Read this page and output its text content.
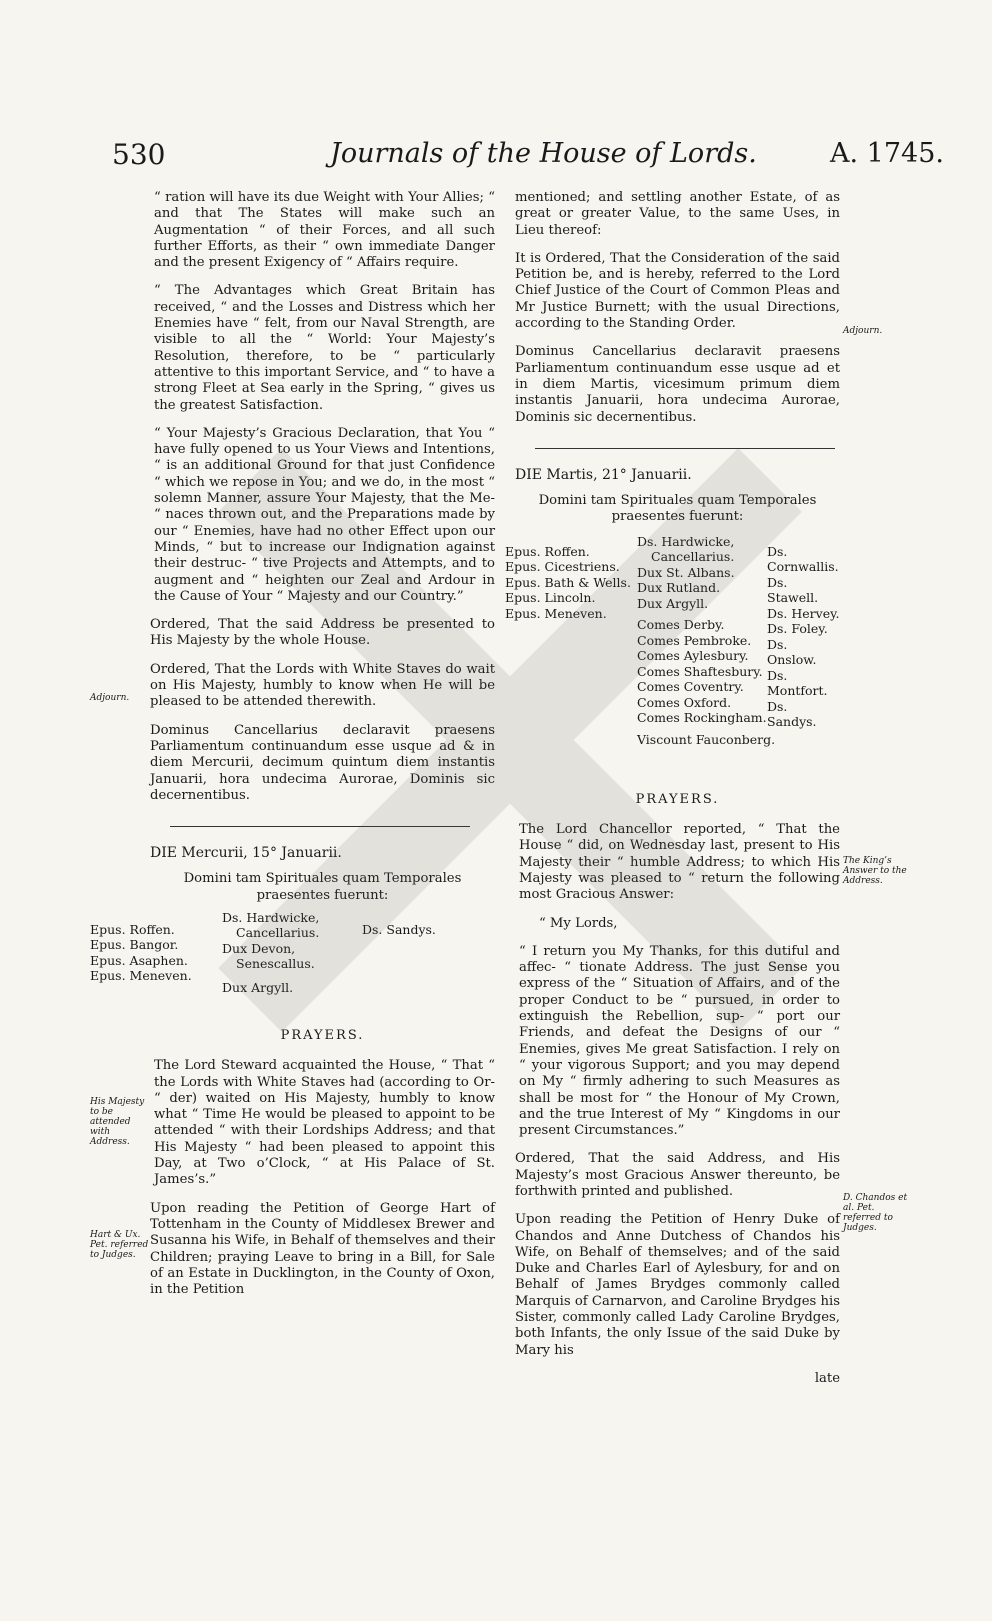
530	Journals of the House of Lords.	A. 1745.

“ ration will have its due Weight with Your Allies; “ and that The States will make such an Augmentation “ of their Forces, and all such further Efforts, as their “ own immediate Danger and the present Exigency of “ Affairs require.

“ The Advantages which Great Britain has received, “ and the Losses and Distress which her Enemies have “ felt, from our Naval Strength, are visible to all the “ World: Your Majesty’s Resolution, therefore, to be “ particularly attentive to this important Service, and “ to have a strong Fleet at Sea early in the Spring, “ gives us the greatest Satisfaction.

“ Your Majesty’s Gracious Declaration, that You “ have fully opened to us Your Views and Intentions, “ is an additional Ground for that just Confidence “ which we repose in You; and we do, in the most “ solemn Manner, assure Your Majesty, that the Me- “ naces thrown out, and the Preparations made by our “ Enemies, have had no other Effect upon our Minds, “ but to increase our Indignation against their destruc- “ tive Projects and Attempts, and to augment and “ heighten our Zeal and Ardour in the Cause of Your “ Majesty and our Country.”

Ordered, That the said Address be presented to His Majesty by the whole House.

Ordered, That the Lords with White Staves do wait on His Majesty, humbly to know when He will be pleased to be attended therewith.

Dominus Cancellarius declaravit praesens Parliamentum continuandum esse usque ad & in diem Mercurii, decimum quintum diem instantis Januarii, hora undecima Aurorae, Dominis sic decernentibus.

DIE Mercurii, 15° Januarii.
Domini tam Spirituales quam Temporales praesentes fuerunt:
Epus. Roffen.
Epus. Bangor.
Epus. Asaphen.
Epus. Meneven.
Ds. Hardwicke,
Cancellarius.
Dux Devon,
Senescallus.
Dux Argyll.
Ds. Sandys.
PRAYERS.

The Lord Steward acquainted the House, “ That “ the Lords with White Staves had (according to Or- “ der) waited on His Majesty, humbly to know what “ Time He would be pleased to appoint to be attended “ with their Lordships Address; and that His Majesty “ had been pleased to appoint this Day, at Two o’Clock, “ at His Palace of St. James’s.”

Upon reading the Petition of George Hart of Tottenham in the County of Middlesex Brewer and Susanna his Wife, in Behalf of themselves and their Children; praying Leave to bring in a Bill, for Sale of an Estate in Ducklington, in the County of Oxon, in the Petition

Adjourn.
His Majesty to be attended with Address.
Hart & Ux. Pet. referred to Judges.

mentioned; and settling another Estate, of as great or greater Value, to the same Uses, in Lieu thereof:

It is Ordered, That the Consideration of the said Petition be, and is hereby, referred to the Lord Chief Justice of the Court of Common Pleas and Mr Justice Burnett; with the usual Directions, according to the Standing Order.

Dominus Cancellarius declaravit praesens Parliamentum continuandum esse usque ad et in diem Martis, vicesimum primum diem instantis Januarii, hora undecima Aurorae, Dominis sic decernentibus.

DIE Martis, 21° Januarii.
Domini tam Spirituales quam Temporales praesentes fuerunt:
Epus. Roffen.
Epus. Cicestriens.
Epus. Bath & Wells.
Epus. Lincoln.
Epus. Meneven.
Ds. Hardwicke,
Cancellarius.
Dux St. Albans.
Dux Rutland.
Dux Argyll.
Comes Derby.
Comes Pembroke.
Comes Aylesbury.
Comes Shaftesbury.
Comes Coventry.
Comes Oxford.
Comes Rockingham.
Viscount Fauconberg.
Ds. Cornwallis.
Ds. Stawell.
Ds. Hervey.
Ds. Foley.
Ds. Onslow.
Ds. Montfort.
Ds. Sandys.
PRAYERS.

The Lord Chancellor reported, “ That the House “ did, on Wednesday last, present to His Majesty their “ humble Address; to which His Majesty was pleased to “ return the following most Gracious Answer:

“ My Lords,

“ I return you My Thanks, for this dutiful and affec- “ tionate Address. The just Sense you express of the “ Situation of Affairs, and of the proper Conduct to be “ pursued, in order to extinguish the Rebellion, sup- “ port our Friends, and defeat the Designs of our “ Enemies, gives Me great Satisfaction. I rely on “ your vigorous Support; and you may depend on My “ firmly adhering to such Measures as shall be most for “ the Honour of My Crown, and the true Interest of My “ Kingdoms in our present Circumstances.”

Ordered, That the said Address, and His Majesty’s most Gracious Answer thereunto, be forthwith printed and published.

Upon reading the Petition of Henry Duke of Chandos and Anne Dutchess of Chandos his Wife, on Behalf of themselves; and of the said Duke and Charles Earl of Aylesbury, for and on Behalf of James Brydges commonly called Marquis of Carnarvon, and Caroline Brydges his Sister, commonly called Lady Caroline Brydges, both Infants, the only Issue of the said Duke by Mary his

late
Adjourn.
The King’s Answer to the Address.
D. Chandos et al. Pet. referred to Judges.
